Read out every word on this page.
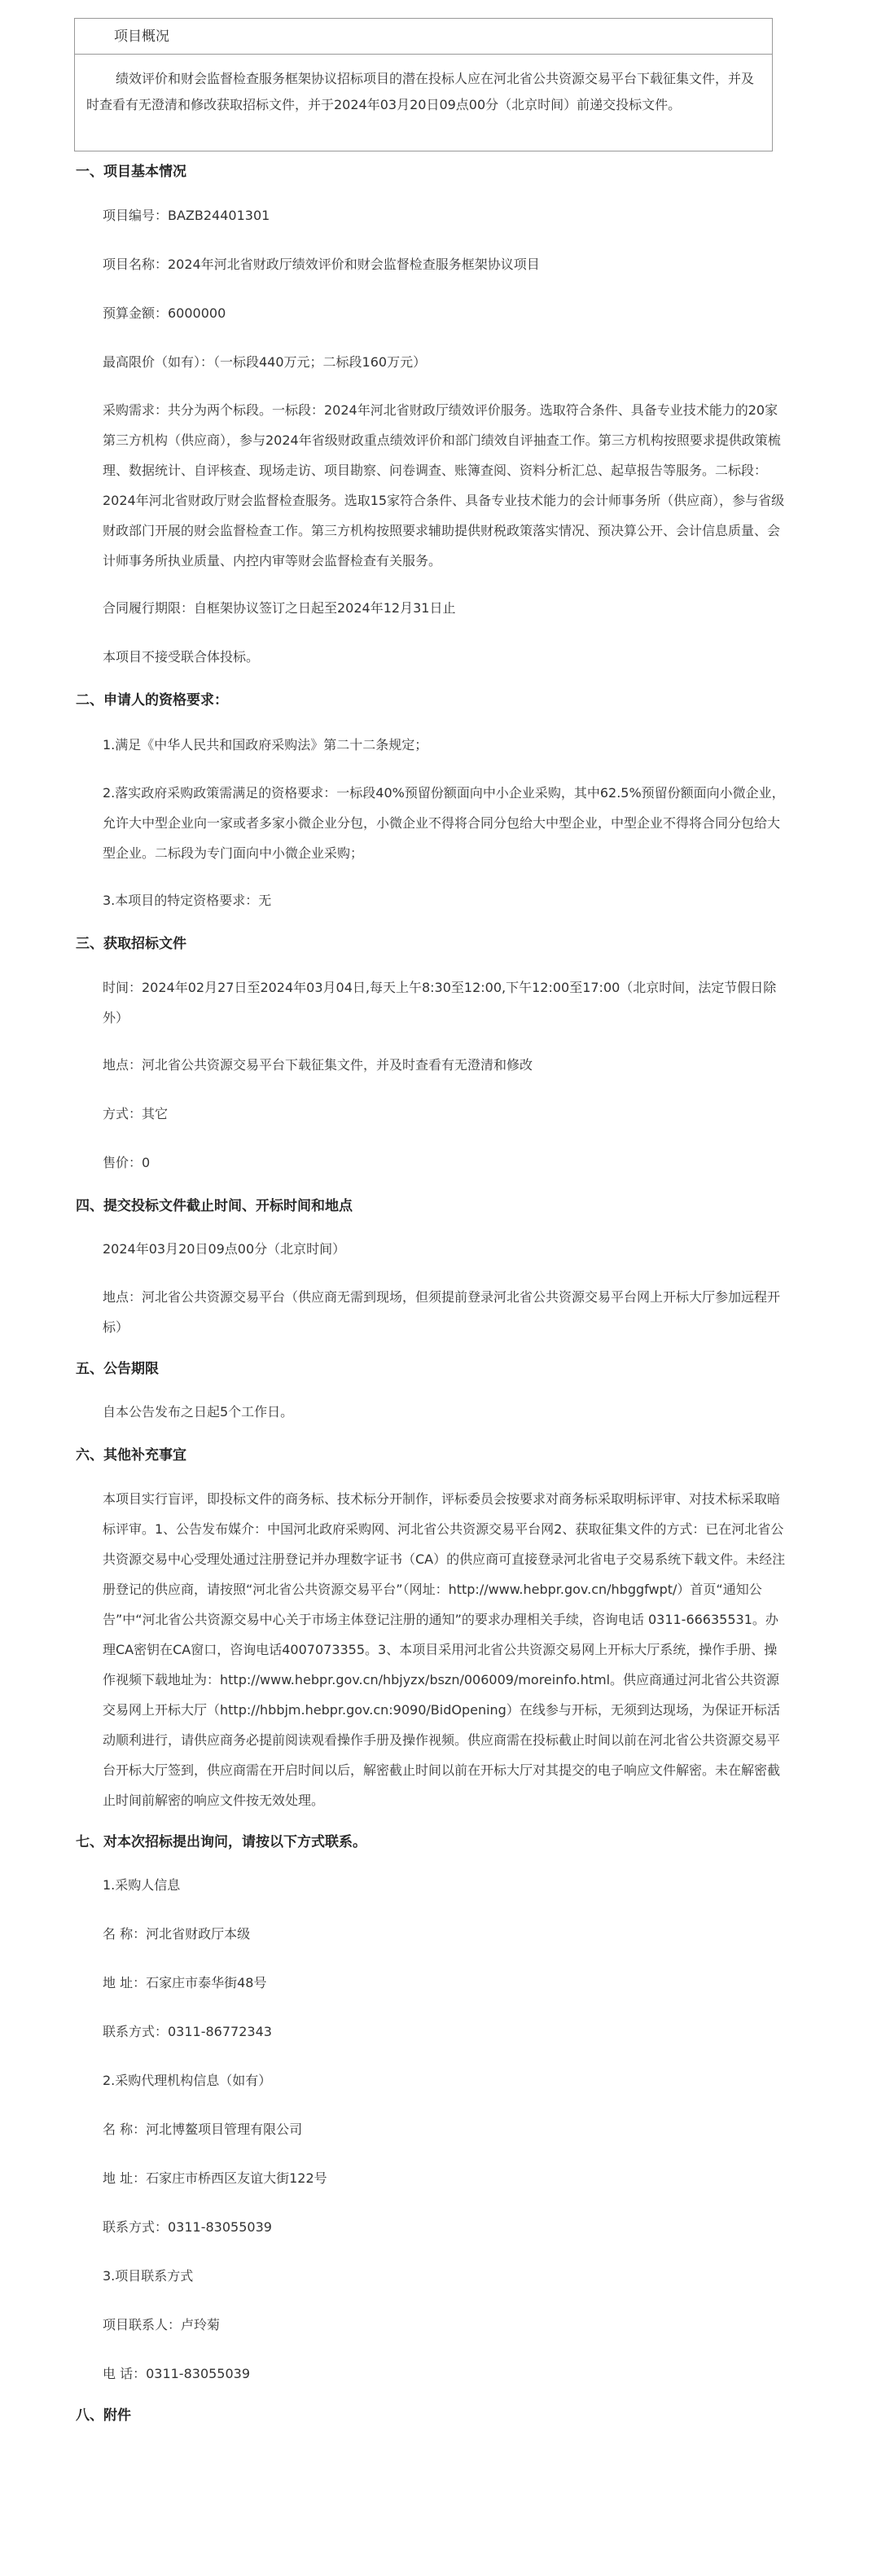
项目概况
绩效评价和财会监督检查服务框架协议招标项目的潜在投标人应在河北省公共资源交易平台下载征集文件，并及时查看有无澄清和修改获取招标文件，并于2024年03月20日09点00分（北京时间）前递交投标文件。
一、项目基本情况

项目编号：BAZB24401301

项目名称：2024年河北省财政厅绩效评价和财会监督检查服务框架协议项目

预算金额：6000000

最高限价（如有）：（一标段440万元；二标段160万元）

采购需求：共分为两个标段。一标段：2024年河北省财政厅绩效评价服务。选取符合条件、具备专业技术能力的20家第三方机构（供应商），参与2024年省级财政重点绩效评价和部门绩效自评抽查工作。第三方机构按照要求提供政策梳理、数据统计、自评核查、现场走访、项目勘察、问卷调查、账簿查阅、资料分析汇总、起草报告等服务。二标段：2024年河北省财政厅财会监督检查服务。选取15家符合条件、具备专业技术能力的会计师事务所（供应商），参与省级财政部门开展的财会监督检查工作。第三方机构按照要求辅助提供财税政策落实情况、预决算公开、会计信息质量、会计师事务所执业质量、内控内审等财会监督检查有关服务。

合同履行期限：自框架协议签订之日起至2024年12月31日止

本项目不接受联合体投标。

二、申请人的资格要求：

1.满足《中华人民共和国政府采购法》第二十二条规定；

2.落实政府采购政策需满足的资格要求：一标段40%预留份额面向中小企业采购，其中62.5%预留份额面向小微企业，允许大中型企业向一家或者多家小微企业分包，小微企业不得将合同分包给大中型企业，中型企业不得将合同分包给大型企业。二标段为专门面向中小微企业采购；

3.本项目的特定资格要求：无

三、获取招标文件

时间：2024年02月27日至2024年03月04日,每天上午8:30至12:00,下午12:00至17:00（北京时间，法定节假日除外）

地点：河北省公共资源交易平台下载征集文件，并及时查看有无澄清和修改

方式：其它

售价：0

四、提交投标文件截止时间、开标时间和地点

2024年03月20日09点00分（北京时间）

地点：河北省公共资源交易平台（供应商无需到现场，但须提前登录河北省公共资源交易平台网上开标大厅参加远程开标）

五、公告期限

自本公告发布之日起5个工作日。

六、其他补充事宜

本项目实行盲评，即投标文件的商务标、技术标分开制作，评标委员会按要求对商务标采取明标评审、对技术标采取暗标评审。1、公告发布媒介：中国河北政府采购网、河北省公共资源交易平台网2、获取征集文件的方式：已在河北省公共资源交易中心受理处通过注册登记并办理数字证书（CA）的供应商可直接登录河北省电子交易系统下载文件。未经注册登记的供应商，请按照“河北省公共资源交易平台”（网址：http://www.hebpr.gov.cn/hbggfwpt/）首页“通知公告”中“河北省公共资源交易中心关于市场主体登记注册的通知”的要求办理相关手续，咨询电话 0311-66635531。办理CA密钥在CA窗口，咨询电话4007073355。3、本项目采用河北省公共资源交易网上开标大厅系统，操作手册、操作视频下载地址为：http://www.hebpr.gov.cn/hbjyzx/bszn/006009/moreinfo.html。供应商通过河北省公共资源交易网上开标大厅（http://hbbjm.hebpr.gov.cn:9090/BidOpening）在线参与开标，无须到达现场，为保证开标活动顺利进行，请供应商务必提前阅读观看操作手册及操作视频。供应商需在投标截止时间以前在河北省公共资源交易平台开标大厅签到，供应商需在开启时间以后，解密截止时间以前在开标大厅对其提交的电子响应文件解密。未在解密截止时间前解密的响应文件按无效处理。

七、对本次招标提出询问，请按以下方式联系。

1.采购人信息

名 称：河北省财政厅本级

地 址：石家庄市泰华街48号

联系方式：0311-86772343

2.采购代理机构信息（如有）

名 称：河北博鳌项目管理有限公司

地 址：石家庄市桥西区友谊大街122号

联系方式：0311-83055039

3.项目联系方式

项目联系人：卢玲菊

电 话：0311-83055039

八、附件
